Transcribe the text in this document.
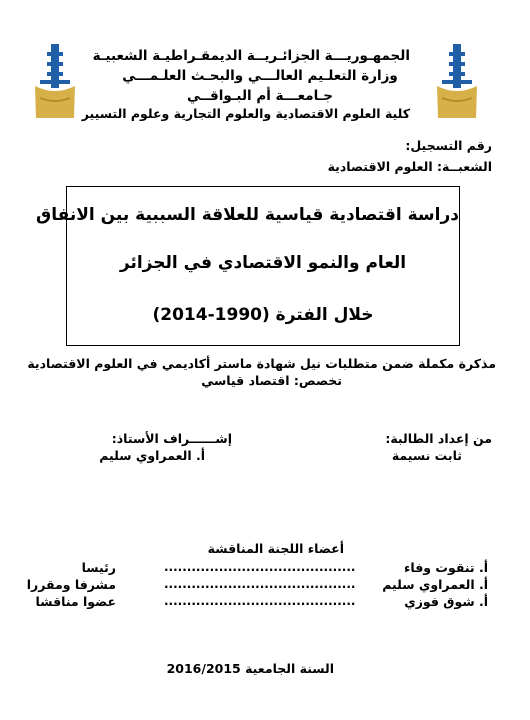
الجمهـوريـــة الجزائـريــة الديمقـراطيـة الشعبيـة
وزارة التعلـيم العالـــي والبحـث العلـمـــي
جـامعـــة أم البـواقــي
كلية العلوم الاقتصادية والعلوم التجارية وعلوم التسيير
رقم التسجيل:
الشعبــة: العلوم الاقتصادية
دراسة اقتصادية قياسية للعلاقة السببية بين الانفاق
العام والنمو الاقتصادي في الجزائر
خلال الفترة (1990-2014)
مذكرة مكملة ضمن متطلبات نيل شهادة ماستر أكاديمي في العلوم الاقتصادية
تخصص: اقتصاد قياسي
من إعداد الطالبة:
ثابت نسيمة
إشــــــراف الأستاذ:
أ. العمراوي سليم
أعضاء اللجنة المناقشة
أ. تنقوت وفاء
..........................................
رئيسا
أ. العمراوي سليم
..........................................
مشرفا ومقررا
أ. شوق فوزي
..........................................
عضوا مناقشا
السنة الجامعية 2016/2015
